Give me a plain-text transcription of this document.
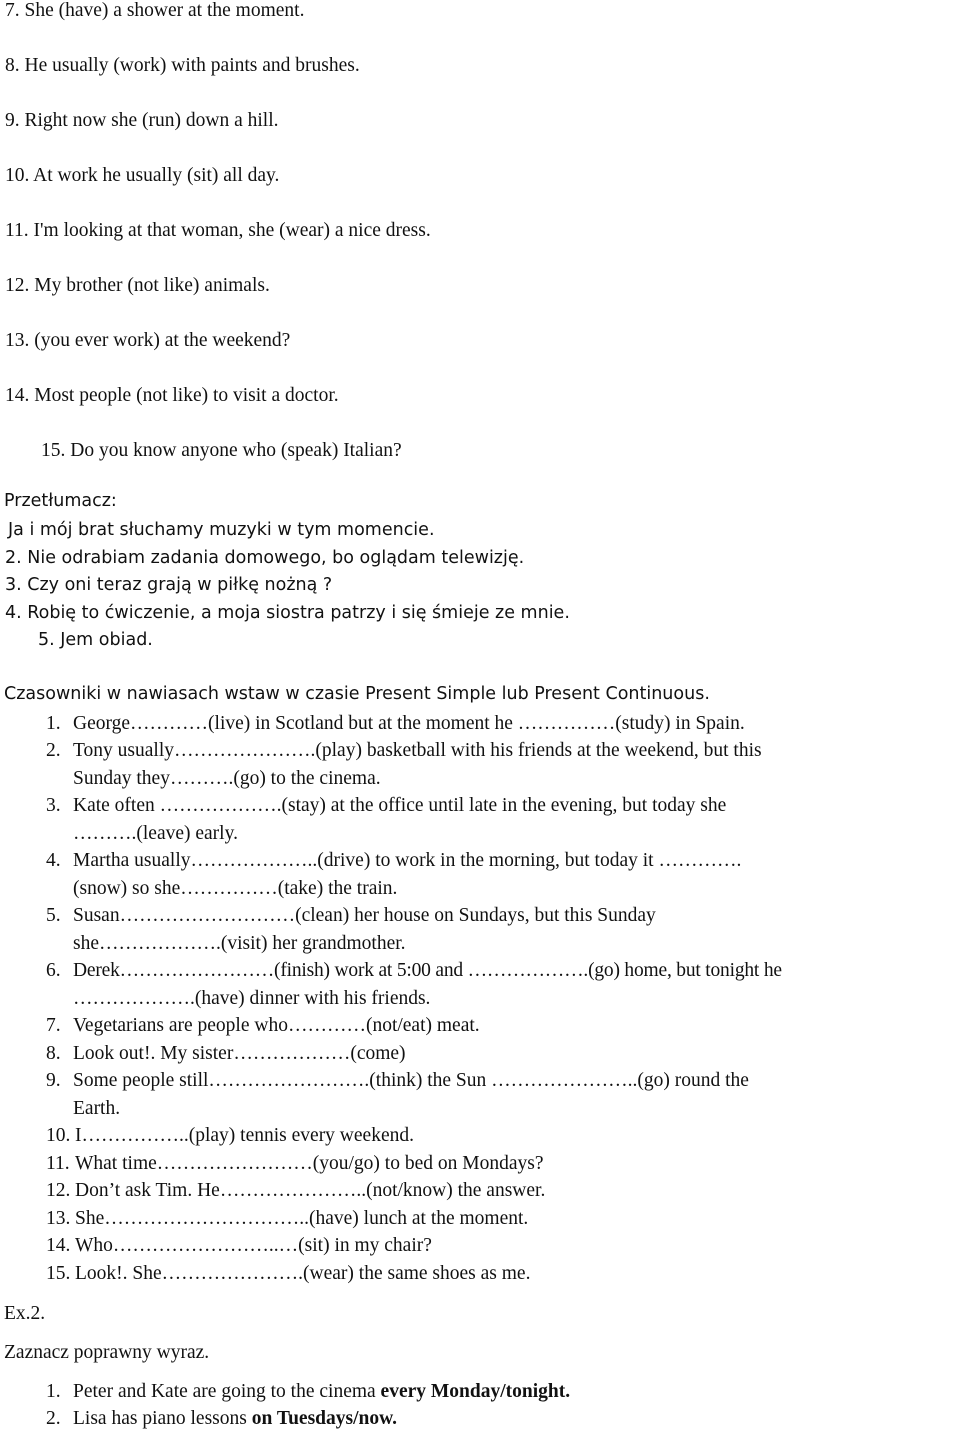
7. She (have) a shower at the moment.
8. He usually (work) with paints and brushes.
9. Right now she (run) down a hill.
10. At work he usually (sit) all day.
11. I'm looking at that woman, she (wear) a nice dress.
12. My brother (not like) animals.
13. (you ever work) at the weekend?
14. Most people (not like) to visit a doctor.
15. Do you know anyone who (speak) Italian?
Przetłumacz:
Ja i mój brat słuchamy muzyki w tym momencie.
2. Nie odrabiam zadania domowego, bo oglądam telewizję.
3. Czy oni teraz grają w piłkę nożną ?
4. Robię to ćwiczenie, a moja siostra patrzy i się śmieje ze mnie.
5. Jem obiad.
Czasowniki w nawiasach wstaw w czasie Present Simple lub Present Continuous.
1. George…………(live) in Scotland but at the moment he ……………(study) in Spain.
2. Tony usually………………….(play) basketball with his friends at the weekend, but this
Sunday they……….(go) to the cinema.
3. Kate often ……………….(stay) at the office until late in the evening, but today she
……….(leave) early.
4. Martha usually………………..(drive) to work in the morning, but today it ………….
(snow) so she……………(take) the train.
5. Susan………………………(clean) her house on Sundays, but this Sunday
she……………….(visit) her grandmother.
6. Derek……………………(finish) work at 5:00 and ……………….(go) home, but tonight he
……………….(have) dinner with his friends.
7. Vegetarians are people who…………(not/eat) meat.
8. Look out!. My sister………………(come)
9. Some people still…………………….(think) the Sun …………………..(go) round the
Earth.
10. I……………..(play) tennis every weekend.
11. What time……………………(you/go) to bed on Mondays?
12. Don’t ask Tim. He…………………..(not/know) the answer.
13. She…………………………..(have) lunch at the moment.
14. Who……………………..…(sit) in my chair?
15. Look!. She………………….(wear) the same shoes as me.
Ex.2.
Zaznacz poprawny wyraz.
1. Peter and Kate are going to the cinema every Monday/tonight.
2. Lisa has piano lessons on Tuesdays/now.
